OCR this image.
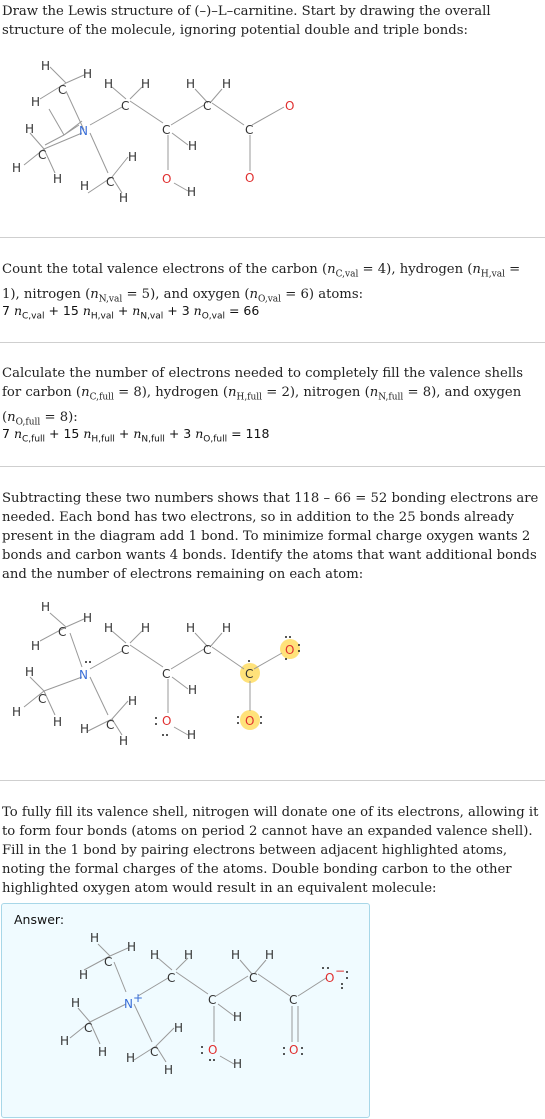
Draw the Lewis structure of (–)–L–carnitine. Start by drawing the overall structure of the molecule, ignoring potential double and triple bonds:

H
H
H
C
H	N
C
H
H	C
H
H
H
H H
C
C
H
O
H
H H
C
C
O
O

Count the total valence electrons of the carbon $(n_{C,val} = 4)$, hydrogen $(n_{H,val} = 1)$, nitrogen $(n_{N,val} = 5)$, and oxygen $(n_{O,val} = 6)$ atoms:

7 $n_{C,val} + 15$ $n_{H,val} + n_{N,val} + 3$ $n_{O,val} = 66$

Calculate the number of electrons needed to completely fill the valence shells for carbon $(n_{C,full} = 8)$, hydrogen $(n_{H,full} = 2)$, nitrogen $(n_{N,full} = 8)$, and oxygen $(n_{O,full} = 8)$:

7 $n_{C,full} + 15$ $n_{H,full} + n_{N,full} + 3$ $n_{O,full} = 118$

Subtracting these two numbers shows that 118 – 66 = 52 bonding electrons are needed. Each bond has two electrons, so in addition to the 25 bonds already present in the diagram add 1 bond. To minimize formal charge oxygen wants 2 bonds and carbon wants 4 bonds. Identify the atoms that want additional bonds and the number of electrons remaining on each atom:

H
H
H
C
H	N
C
H
H	C
H
H
H
H H
C
C
H
O
H
H H
C
C
O
O

To fully fill its valence shell, nitrogen will donate one of its electrons, allowing it to form four bonds (atoms on period 2 cannot have an expanded valence shell). Fill in the 1 bond by pairing electrons between adjacent highlighted atoms, noting the formal charges of the atoms. Double bonding carbon to the other highlighted oxygen atom would result in an equivalent molecule:

Answer:
H
H
H
C
H	N +
C
H
H	C
H
H
H
H H
C
C
H
O
H
H H
C
C
O −
O
